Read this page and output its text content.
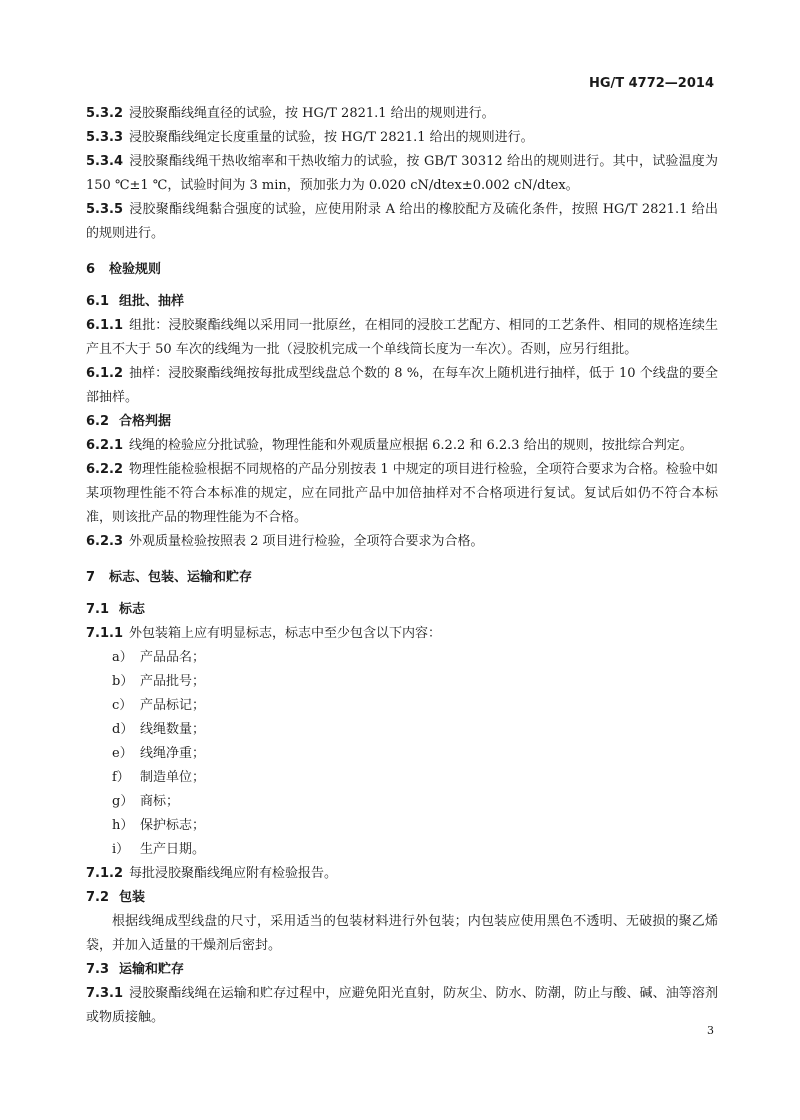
HG/T 4772—2014
5.3.2 浸胶聚酯线绳直径的试验，按 HG/T 2821.1 给出的规则进行。
5.3.3 浸胶聚酯线绳定长度重量的试验，按 HG/T 2821.1 给出的规则进行。
5.3.4 浸胶聚酯线绳干热收缩率和干热收缩力的试验，按 GB/T 30312 给出的规则进行。其中，试验温度为 150 ℃±1 ℃，试验时间为 3 min，预加张力为 0.020 cN/dtex±0.002 cN/dtex。
5.3.5 浸胶聚酯线绳黏合强度的试验，应使用附录 A 给出的橡胶配方及硫化条件，按照 HG/T 2821.1 给出的规则进行。
6 检验规则
6.1 组批、抽样
6.1.1 组批：浸胶聚酯线绳以采用同一批原丝，在相同的浸胶工艺配方、相同的工艺条件、相同的规格连续生产且不大于 50 车次的线绳为一批（浸胶机完成一个单线筒长度为一车次）。否则，应另行组批。
6.1.2 抽样：浸胶聚酯线绳按每批成型线盘总个数的 8 %，在每车次上随机进行抽样，低于 10 个线盘的要全部抽样。
6.2 合格判据
6.2.1 线绳的检验应分批试验，物理性能和外观质量应根据 6.2.2 和 6.2.3 给出的规则，按批综合判定。
6.2.2 物理性能检验根据不同规格的产品分别按表 1 中规定的项目进行检验，全项符合要求为合格。检验中如某项物理性能不符合本标准的规定，应在同批产品中加倍抽样对不合格项进行复试。复试后如仍不符合本标准，则该批产品的物理性能为不合格。
6.2.3 外观质量检验按照表 2 项目进行检验，全项符合要求为合格。
7 标志、包装、运输和贮存
7.1 标志
7.1.1 外包装箱上应有明显标志，标志中至少包含以下内容：
a） 产品品名；
b） 产品批号；
c） 产品标记；
d） 线绳数量；
e） 线绳净重；
f） 制造单位；
g） 商标；
h） 保护标志；
i） 生产日期。
7.1.2 每批浸胶聚酯线绳应附有检验报告。
7.2 包装
根据线绳成型线盘的尺寸，采用适当的包装材料进行外包装；内包装应使用黑色不透明、无破损的聚乙烯袋，并加入适量的干燥剂后密封。
7.3 运输和贮存
7.3.1 浸胶聚酯线绳在运输和贮存过程中，应避免阳光直射，防灰尘、防水、防潮，防止与酸、碱、油等溶剂或物质接触。
3
